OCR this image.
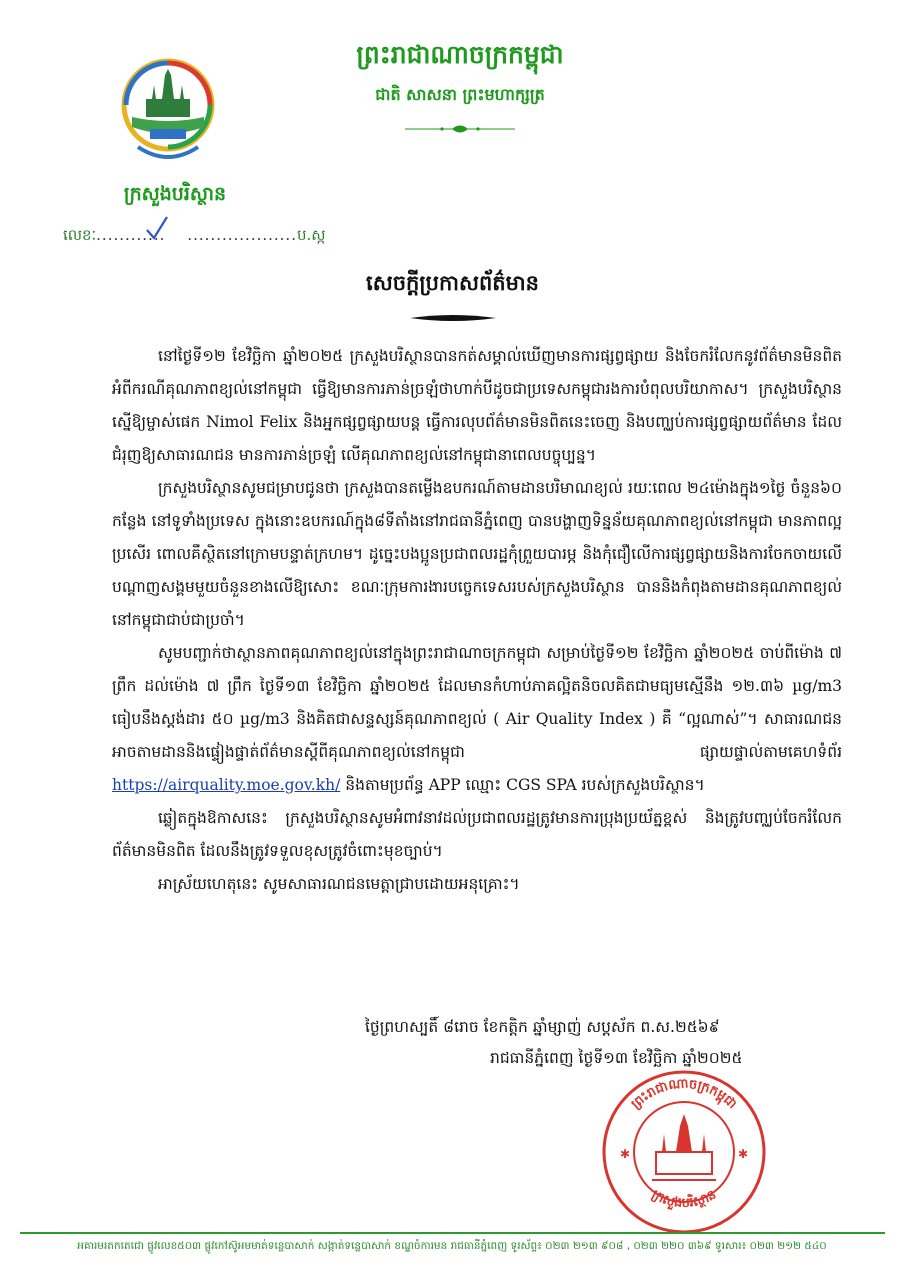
ព្រះរាជាណាចក្រកម្ពុជា
ជាតិ សាសនា ព្រះមហាក្សត្រ
ក្រសួងបរិស្ថាន
លេខៈ............ ...................ប.ស្ក
សេចក្ដីប្រកាសព័ត៌មាន

នៅថ្ងៃទី១២ ខែវិច្ឆិកា ឆ្នាំ២០២៥ ក្រសួងបរិស្ថានបានកត់សម្គាល់ឃើញមានការផ្សព្វផ្សាយ និងចែករំលែកនូវព័ត៌មានមិនពិត អំពីករណីគុណភាពខ្យល់នៅកម្ពុជា ធ្វើឱ្យមានការភាន់ច្រឡំថាហាក់បីដូចជាប្រទេសកម្ពុជារងការបំពុលបរិយាកាស។ ក្រសួងបរិស្ថានស្នើឱ្យម្ចាស់ផេក Nimol Felix និងអ្នកផ្សព្វផ្សាយបន្ត ធ្វើការលុបព័ត៌មានមិនពិតនេះចេញ និងបញ្ឈប់ការផ្សព្វផ្សាយព័ត៌មាន ដែលជំរុញឱ្យសាធារណជន មានការភាន់ច្រឡំ លើគុណភាពខ្យល់នៅកម្ពុជានាពេលបច្ចុប្បន្ន។

ក្រសួងបរិស្ថានសូមជម្រាបជូនថា ក្រសួងបានតម្លើងឧបករណ៍តាមដានបរិមាណខ្យល់ រយៈពេល ២៤ម៉ោងក្នុង១ថ្ងៃ ចំនួន៦០ កន្លែង នៅទូទាំងប្រទេស ក្នុងនោះឧបករណ៍ក្នុង៨ទីតាំងនៅរាជធានីភ្នំពេញ បានបង្ហាញទិន្នន័យគុណភាពខ្យល់នៅកម្ពុជា មានភាពល្អប្រសើរ ពោលគឺស្ថិតនៅក្រោមបន្ទាត់ក្រហម។ ដូច្នេះបងប្អូនប្រជាពលរដ្ឋកុំព្រួយបារម្ភ និងកុំជឿលើការផ្សព្វផ្សាយនិងការចែកចាយលើបណ្ដាញសង្គមមួយចំនួនខាងលើឱ្យសោះ ខណៈក្រុមការងារបច្ចេកទេសរបស់ក្រសួងបរិស្ថាន បាននិងកំពុងតាមដានគុណភាពខ្យល់នៅកម្ពុជាជាប់ជាប្រចាំ។

សូមបញ្ជាក់ថាស្ថានភាពគុណភាពខ្យល់នៅក្នុងព្រះរាជាណាចក្រកម្ពុជា សម្រាប់ថ្ងៃទី១២ ខែវិច្ឆិកា ឆ្នាំ២០២៥ ចាប់ពីម៉ោង ៧ ព្រឹក ដល់ម៉ោង ៧ ព្រឹក ថ្ងៃទី១៣ ខែវិច្ឆិកា ឆ្នាំ២០២៥ ដែលមានកំហាប់ភាគល្អិតនិចលគិតជាមធ្យមស្មើនឹង ១២.៣៦ µg/m3 ធៀបនឹងស្តង់ដារ ៥០ µg/m3 និងគិតជាសន្ទស្សន៍គុណភាពខ្យល់ ( Air Quality Index ) គឺ “ល្អណាស់”។ សាធារណជនអាចតាមដាននិងផ្ទៀងផ្ទាត់ព័ត៌មានស្តីពីគុណភាពខ្យល់នៅកម្ពុជា ផ្សាយផ្ទាល់តាមគេហទំព័រ https://airquality.moe.gov.kh/ និងតាមប្រព័ន្ធ APP ឈ្មោះ CGS SPA របស់ក្រសួងបរិស្ថាន។

ឆ្លៀតក្នុងឱកាសនេះ ក្រសួងបរិស្ថានសូមអំពាវនាវដល់ប្រជាពលរដ្ឋត្រូវមានការប្រុងប្រយ័ត្នខ្ពស់ និងត្រូវបញ្ឈប់ចែករំលែកព័ត៌មានមិនពិត ដែលនឹងត្រូវទទួលខុសត្រូវចំពោះមុខច្បាប់។

អាស្រ័យហេតុនេះ សូមសាធារណជនមេត្តាជ្រាបដោយអនុគ្រោះ។

ថ្ងៃព្រហស្បតិ៍ ៨រោច ខែកត្តិក ឆ្នាំម្សាញ់ សប្តស័ក ព.ស.២៥៦៩
រាជធានីភ្នំពេញ ថ្ងៃទី១៣ ខែវិច្ឆិកា ឆ្នាំ២០២៥
ព្រះរាជាណាចក្រកម្ពុជា
ក្រសួងបរិស្ថាន
✱	✱
អគារមរតកតេជោ ផ្លូវលេខ៥០៣ ផ្លូវកៅស៊ូអមមាត់ទន្លេបាសាក់ សង្កាត់ទន្លេបាសាក់ ខណ្ឌចំការមន រាជធានីភ្នំពេញ ទូរស័ព្ទ៖ ០២៣ ២១៣ ៩០៨ , ០២៣ ២២០ ៣៦៩ ទូរសារ៖ ០២៣ ២១២ ៥៤០
